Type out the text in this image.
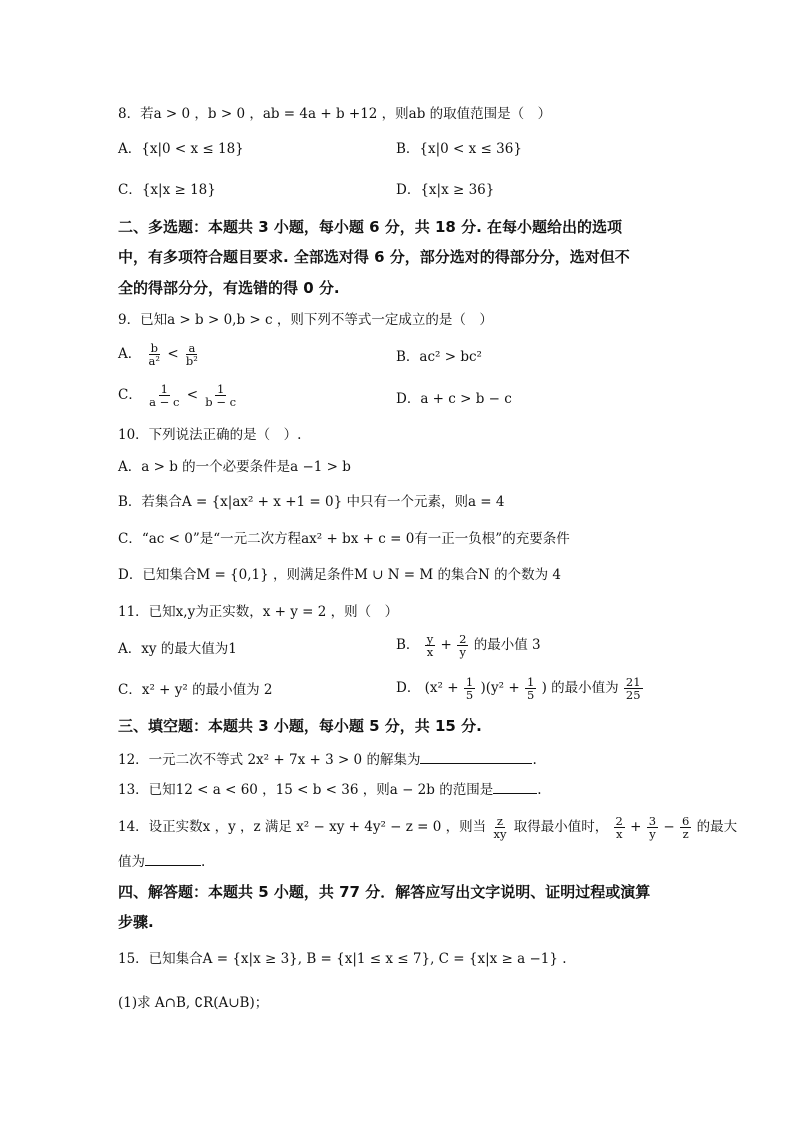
8．若a > 0 ，b > 0 ，ab = 4a + b +12 ，则ab 的取值范围是（　）
A．{x|0 < x ≤ 18}	B．{x|0 < x ≤ 36}
C．{x|x ≥ 18}	D．{x|x ≥ 36}
二、多选题：本题共 3 小题，每小题 6 分，共 18 分. 在每小题给出的选项
中，有多项符合题目要求. 全部选对得 6 分，部分选对的得部分分，选对但不
全的得部分分，有选错的得 0 分.
9．已知a > b > 0,b > c ，则下列不等式一定成立的是（　）
A． $\frac{b}{\text{a²}} < \frac{a}{\text{b²}}$	B．ac² > bc²
C． $\frac{1}{a - c} < \frac{1}{b - c}$	D．a + c > b − c
10．下列说法正确的是（　）.
A．a > b 的一个必要条件是a −1 > b
B．若集合A = {x|ax² + x +1 = 0} 中只有一个元素，则a = 4
C．“ac < 0”是“一元二次方程ax² + bx + c = 0有一正一负根”的充要条件
D．已知集合M = {0,1} ，则满足条件M ∪ N = M 的集合N 的个数为 4
11．已知x,y为正实数，x + y = 2 ，则（　）
A．xy 的最大值为1	B． $\frac{y}{x} + \frac{2}{y}$ 的最小值 3
C．x² + y² 的最小值为 2	D． $(x^2 + \frac{1}{5} )(y^2 + \frac{1}{5}$ ) 的最小值为 $\frac{21}{25}$
三、填空题：本题共 3 小题，每小题 5 分，共 15 分.
12．一元二次不等式 2x² + 7x + 3 > 0 的解集为	.
13．已知12 < a < 60 ，15 < b < 36 ，则a − 2b 的范围是	.
14．设正实数x ，y ，z 满足 x² − xy + 4y² − z = 0 ，则当 $\frac{z}{xy}$ 取得最小值时， $\frac{2}{x} + \frac{3}{y} - \frac{6}{z}$ 的最大
值为	.
四、解答题：本题共 5 小题，共 77 分．解答应写出文字说明、证明过程或演算
步骤.
15．已知集合A = {x|x ≥ 3}, B = {x|1 ≤ x ≤ 7}, C = {x|x ≥ a −1} .
(1)求 A∩B, ∁R(A∪B)；
